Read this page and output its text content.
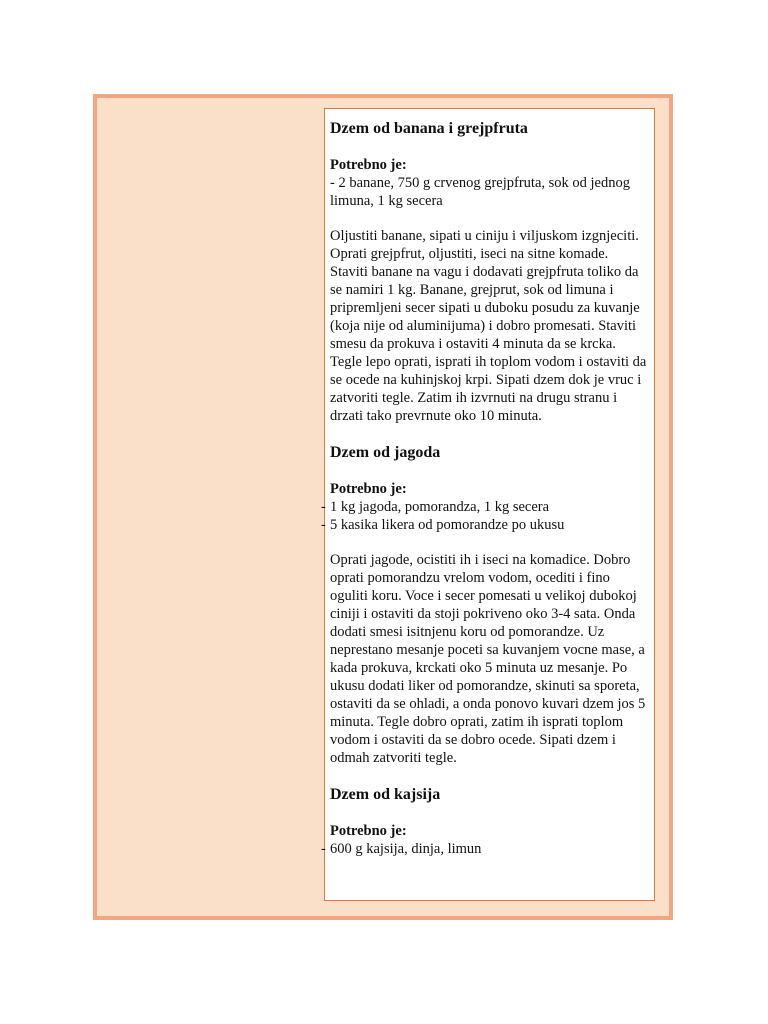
Dzem od banana i grejpfruta
Potrebno je:
- 2 banane, 750 g crvenog grejpfruta, sok od jednog limuna, 1 kg secera

Oljustiti banane, sipati u ciniju i viljuskom izgnjeciti. Oprati grejpfrut, oljustiti, iseci na sitne komade. Staviti banane na vagu i dodavati grejpfruta toliko da se namiri 1 kg. Banane, grejprut, sok od limuna i pripremljeni secer sipati u duboku posudu za kuvanje (koja nije od aluminijuma) i dobro promesati. Staviti smesu da prokuva i ostaviti 4 minuta da se krcka. Tegle lepo oprati, isprati ih toplom vodom i ostaviti da se ocede na kuhinjskoj krpi. Sipati dzem dok je vruc i zatvoriti tegle. Zatim ih izvrnuti na drugu stranu i drzati tako prevrnute oko 10 minuta.

Dzem od jagoda
Potrebno je:
- 1 kg jagoda, pomorandza, 1 kg secera
- 5 kasika likera od pomorandze po ukusu

Oprati jagode, ocistiti ih i iseci na komadice. Dobro oprati pomorandzu vrelom vodom, ocediti i fino oguliti koru. Voce i secer pomesati u velikoj dubokoj ciniji i ostaviti da stoji pokriveno oko 3-4 sata. Onda dodati smesi isitnjenu koru od pomorandze. Uz neprestano mesanje poceti sa kuvanjem vocne mase, a kada prokuva, krckati oko 5 minuta uz mesanje. Po ukusu dodati liker od pomorandze, skinuti sa sporeta, ostaviti da se ohladi, a onda ponovo kuvari dzem jos 5 minuta. Tegle dobro oprati, zatim ih isprati toplom vodom i ostaviti da se dobro ocede. Sipati dzem i odmah zatvoriti tegle.

Dzem od kajsija
Potrebno je:
- 600 g kajsija, dinja, limun
